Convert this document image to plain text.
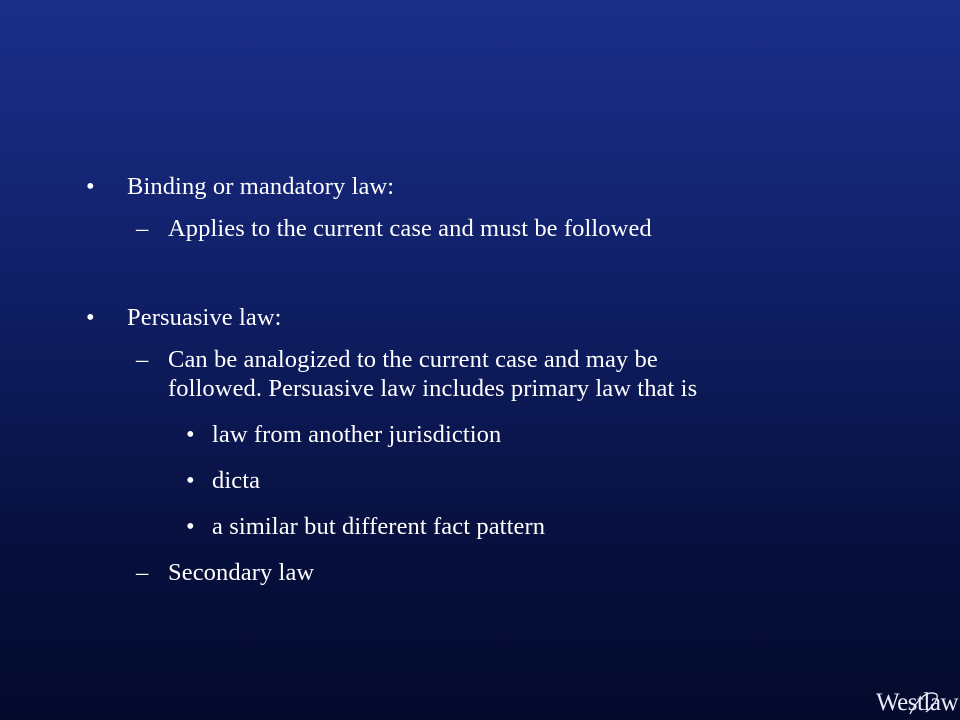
• Binding or mandatory law:
– Applies to the current case and must be followed
• Persuasive law:
– Can be analogized to the current case and may be
followed. Persuasive law includes primary law that is
• law from another jurisdiction
• dicta
• a similar but different fact pattern
– Secondary law
Westlaw
